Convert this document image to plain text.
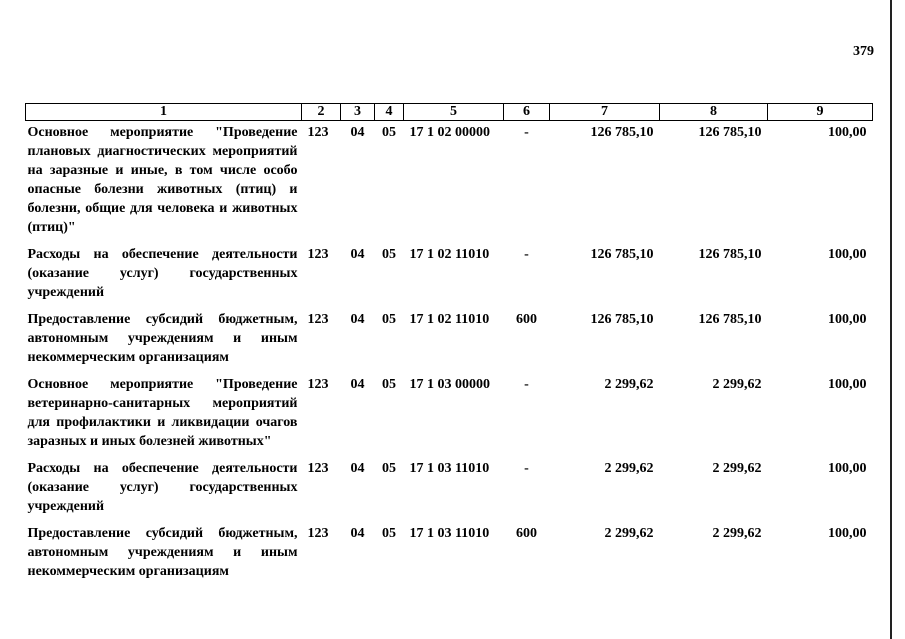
379
1	2	3	4	5	6	7	8	9
Основное мероприятие "Проведение плановых диагностических мероприятий на заразные и иные, в том числе особо опасные болезни животных (птиц) и болезни, общие для человека и животных (птиц)"	123	04	05	17 1 02 00000	-	126 785,10	126 785,10	100,00
Расходы на обеспечение деятельности (оказание услуг) государственных учреждений	123	04	05	17 1 02 11010	-	126 785,10	126 785,10	100,00
Предоставление субсидий бюджетным, автономным учреждениям и иным некоммерческим организациям	123	04	05	17 1 02 11010	600	126 785,10	126 785,10	100,00
Основное мероприятие "Проведение ветеринарно-санитарных мероприятий для профилактики и ликвидации очагов заразных и иных болезней животных"	123	04	05	17 1 03 00000	-	2 299,62	2 299,62	100,00
Расходы на обеспечение деятельности (оказание услуг) государственных учреждений	123	04	05	17 1 03 11010	-	2 299,62	2 299,62	100,00
Предоставление субсидий бюджетным, автономным учреждениям и иным некоммерческим организациям	123	04	05	17 1 03 11010	600	2 299,62	2 299,62	100,00
